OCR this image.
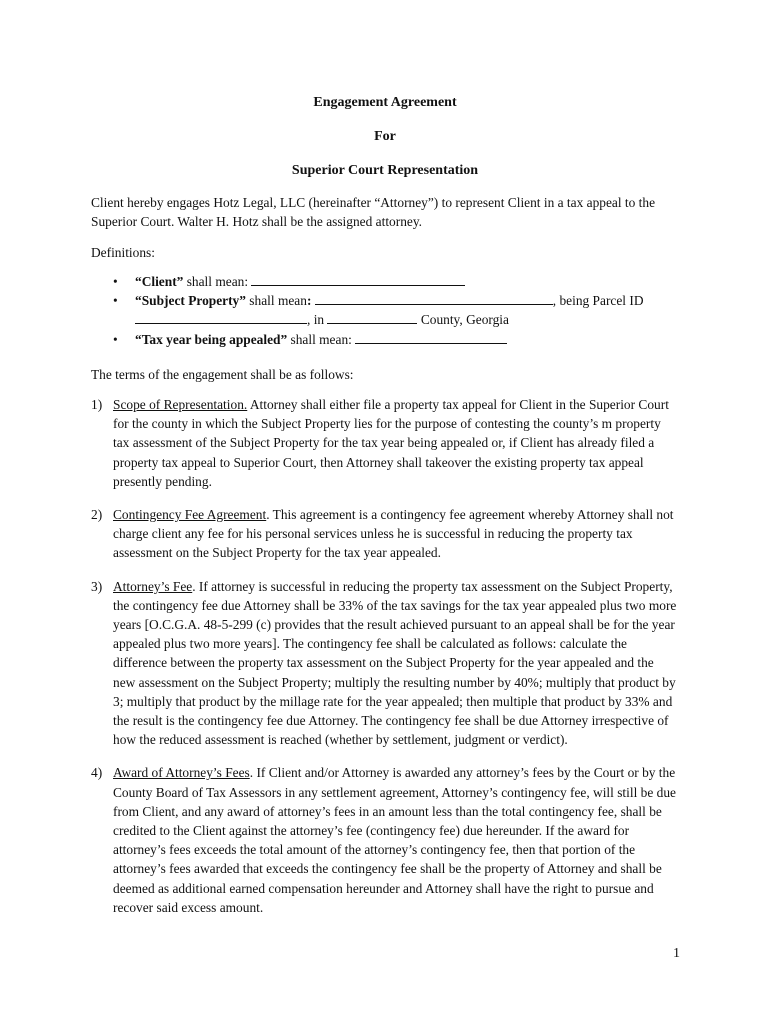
Engagement Agreement
For
Superior Court Representation
Client hereby engages Hotz Legal, LLC (hereinafter “Attorney”) to represent Client in a tax appeal to the Superior Court. Walter H. Hotz shall be the assigned attorney.
Definitions:
• “Client” shall mean:
• “Subject Property” shall mean:	, being Parcel ID
, in	County, Georgia
• “Tax year being appealed” shall mean:
The terms of the engagement shall be as follows:
1) Scope of Representation. Attorney shall either file a property tax appeal for Client in the Superior Court for the county in which the Subject Property lies for the purpose of contesting the county’s m property tax assessment of the Subject Property for the tax year being appealed or, if Client has already filed a property tax appeal to Superior Court, then Attorney shall takeover the existing property tax appeal presently pending.
2) Contingency Fee Agreement. This agreement is a contingency fee agreement whereby Attorney shall not charge client any fee for his personal services unless he is successful in reducing the property tax assessment on the Subject Property for the tax year appealed.
3) Attorney’s Fee. If attorney is successful in reducing the property tax assessment on the Subject Property, the contingency fee due Attorney shall be 33% of the tax savings for the tax year appealed plus two more years [O.C.G.A. 48-5-299 (c) provides that the result achieved pursuant to an appeal shall be for the year appealed plus two more years]. The contingency fee shall be calculated as follows: calculate the difference between the property tax assessment on the Subject Property for the year appealed and the new assessment on the Subject Property; multiply the resulting number by 40%; multiply that product by 3; multiply that product by the millage rate for the year appealed; then multiple that product by 33% and the result is the contingency fee due Attorney. The contingency fee shall be due Attorney irrespective of how the reduced assessment is reached (whether by settlement, judgment or verdict).
4) Award of Attorney’s Fees. If Client and/or Attorney is awarded any attorney’s fees by the Court or by the County Board of Tax Assessors in any settlement agreement, Attorney’s contingency fee, will still be due from Client, and any award of attorney’s fees in an amount less than the total contingency fee, shall be credited to the Client against the attorney’s fee (contingency fee) due hereunder. If the award for attorney’s fees exceeds the total amount of the attorney’s contingency fee, then that portion of the attorney’s fees awarded that exceeds the contingency fee shall be the property of Attorney and shall be deemed as additional earned compensation hereunder and Attorney shall have the right to pursue and recover said excess amount.
1
